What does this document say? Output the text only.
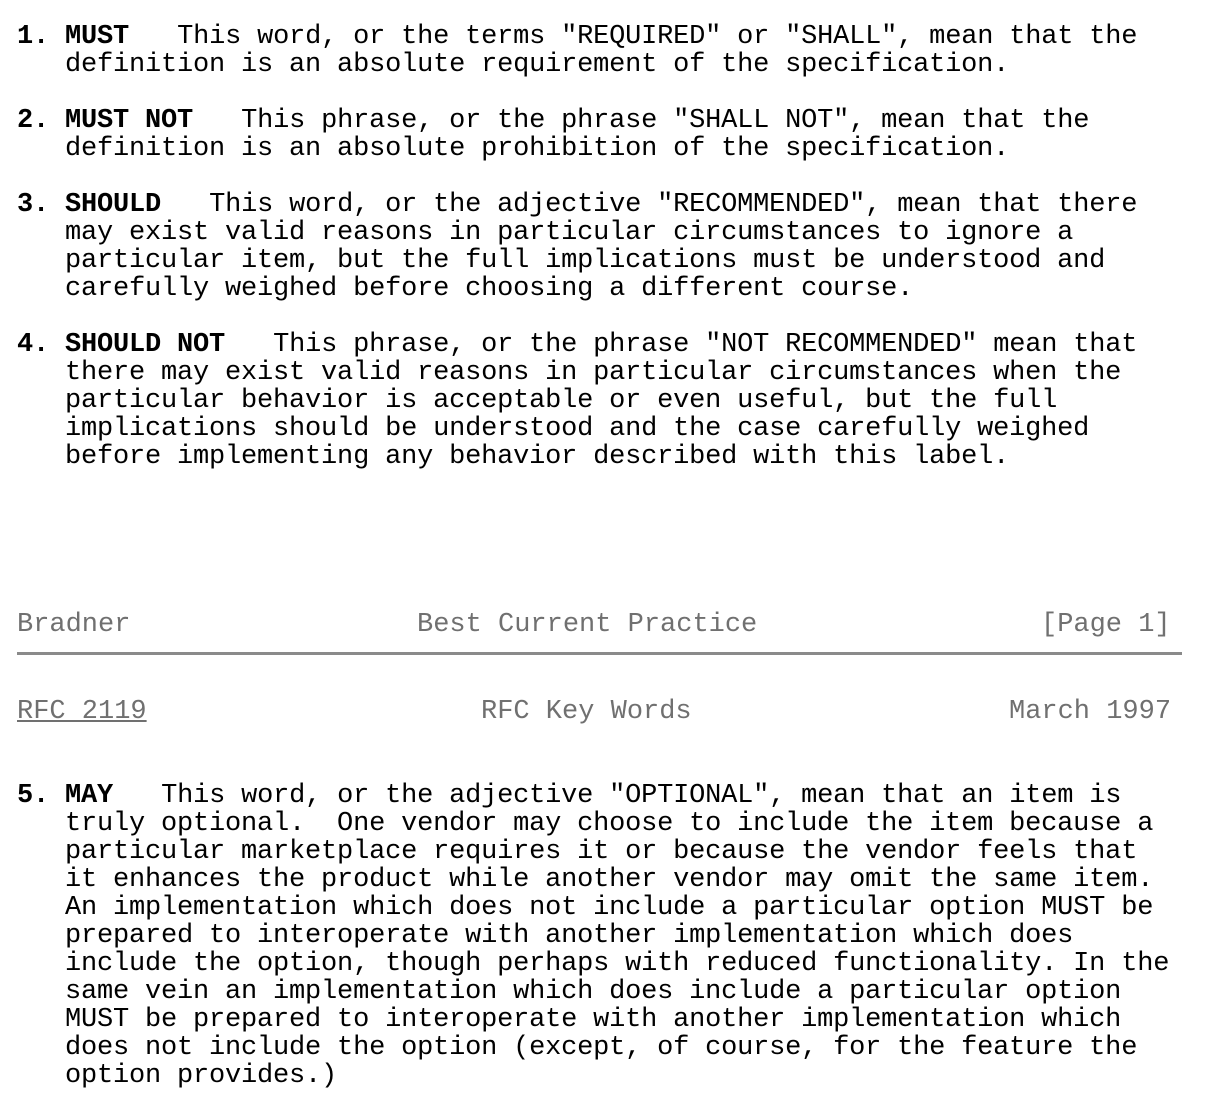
1. MUST This word, or the terms "REQUIRED" or "SHALL", mean that the
definition is an absolute requirement of the specification.
2. MUST NOT This phrase, or the phrase "SHALL NOT", mean that the
definition is an absolute prohibition of the specification.
3. SHOULD This word, or the adjective "RECOMMENDED", mean that there
may exist valid reasons in particular circumstances to ignore a
particular item, but the full implications must be understood and
carefully weighed before choosing a different course.
4. SHOULD NOT This phrase, or the phrase "NOT RECOMMENDED" mean that
there may exist valid reasons in particular circumstances when the
particular behavior is acceptable or even useful, but the full
implications should be understood and the case carefully weighed
before implementing any behavior described with this label.
Bradner	Best Current Practice	[Page 1]
RFC 2119	RFC Key Words	March 1997
5. MAY This word, or the adjective "OPTIONAL", mean that an item is
truly optional.  One vendor may choose to include the item because a
particular marketplace requires it or because the vendor feels that
it enhances the product while another vendor may omit the same item.
An implementation which does not include a particular option MUST be
prepared to interoperate with another implementation which does
include the option, though perhaps with reduced functionality. In the
same vein an implementation which does include a particular option
MUST be prepared to interoperate with another implementation which
does not include the option (except, of course, for the feature the
option provides.)
